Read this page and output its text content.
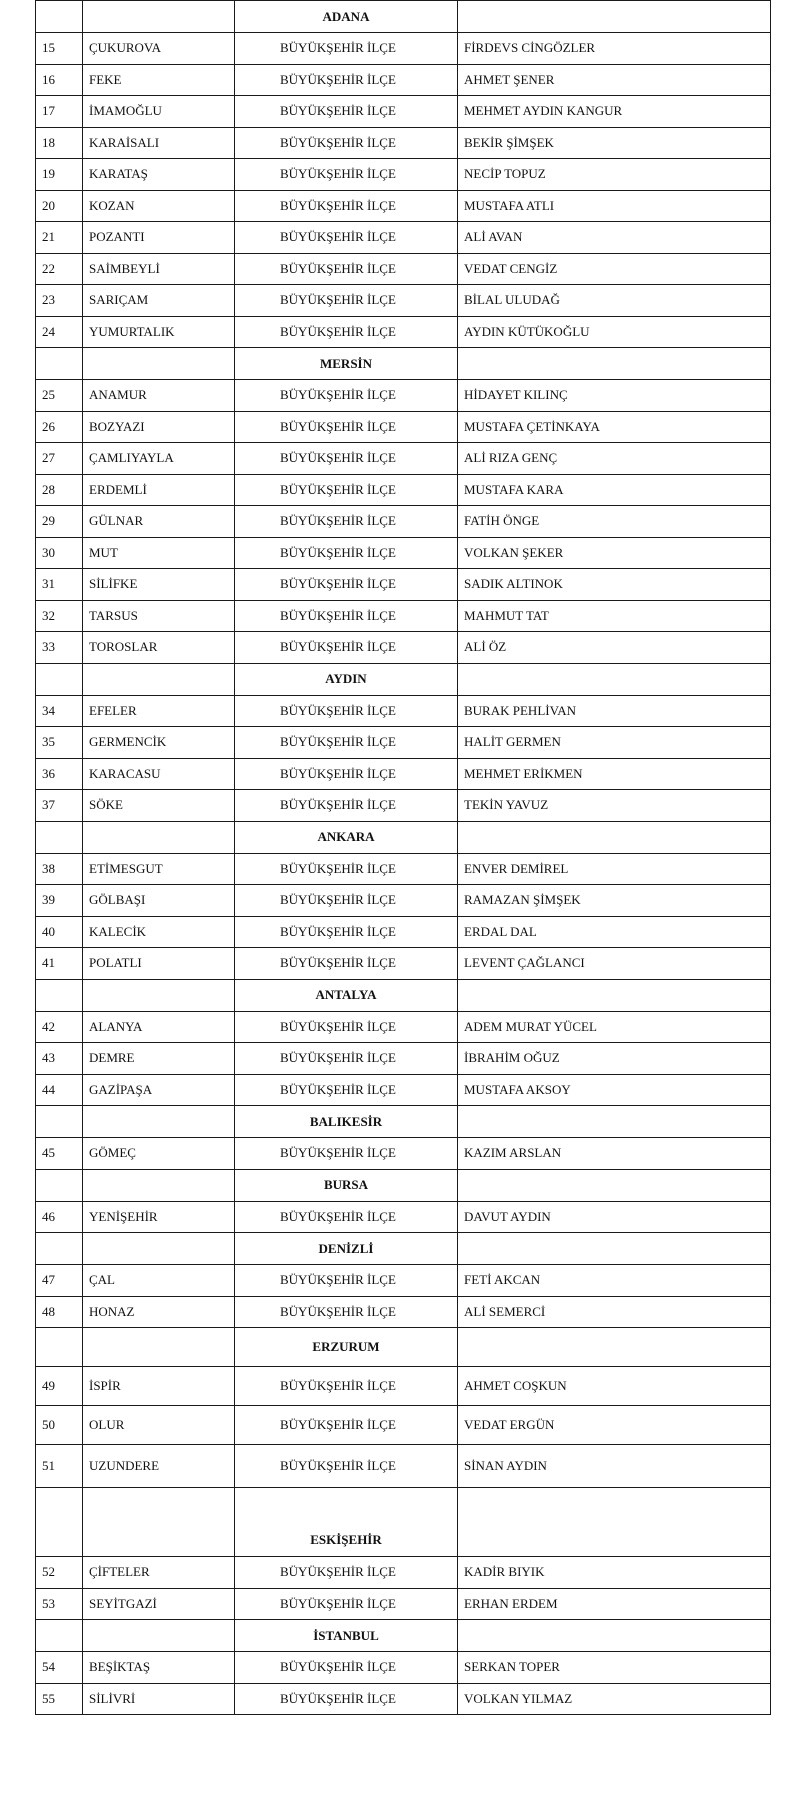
		ADANA	
15	ÇUKUROVA	BÜYÜKŞEHİR İLÇE	FİRDEVS CİNGÖZLER
16	FEKE	BÜYÜKŞEHİR İLÇE	AHMET ŞENER
17	İMAMOĞLU	BÜYÜKŞEHİR İLÇE	MEHMET AYDIN KANGUR
18	KARAİSALI	BÜYÜKŞEHİR İLÇE	BEKİR ŞİMŞEK
19	KARATAŞ	BÜYÜKŞEHİR İLÇE	NECİP TOPUZ
20	KOZAN	BÜYÜKŞEHİR İLÇE	MUSTAFA ATLI
21	POZANTI	BÜYÜKŞEHİR İLÇE	ALİ AVAN
22	SAİMBEYLİ	BÜYÜKŞEHİR İLÇE	VEDAT CENGİZ
23	SARIÇAM	BÜYÜKŞEHİR İLÇE	BİLAL ULUDAĞ
24	YUMURTALIK	BÜYÜKŞEHİR İLÇE	AYDIN KÜTÜKOĞLU
		MERSİN	
25	ANAMUR	BÜYÜKŞEHİR İLÇE	HİDAYET KILINÇ
26	BOZYAZI	BÜYÜKŞEHİR İLÇE	MUSTAFA ÇETİNKAYA
27	ÇAMLIYAYLA	BÜYÜKŞEHİR İLÇE	ALİ RIZA GENÇ
28	ERDEMLİ	BÜYÜKŞEHİR İLÇE	MUSTAFA KARA
29	GÜLNAR	BÜYÜKŞEHİR İLÇE	FATİH ÖNGE
30	MUT	BÜYÜKŞEHİR İLÇE	VOLKAN ŞEKER
31	SİLİFKE	BÜYÜKŞEHİR İLÇE	SADIK ALTINOK
32	TARSUS	BÜYÜKŞEHİR İLÇE	MAHMUT TAT
33	TOROSLAR	BÜYÜKŞEHİR İLÇE	ALİ ÖZ
		AYDIN	
34	EFELER	BÜYÜKŞEHİR İLÇE	BURAK PEHLİVAN
35	GERMENCİK	BÜYÜKŞEHİR İLÇE	HALİT GERMEN
36	KARACASU	BÜYÜKŞEHİR İLÇE	MEHMET ERİKMEN
37	SÖKE	BÜYÜKŞEHİR İLÇE	TEKİN YAVUZ
		ANKARA	
38	ETİMESGUT	BÜYÜKŞEHİR İLÇE	ENVER DEMİREL
39	GÖLBAŞI	BÜYÜKŞEHİR İLÇE	RAMAZAN ŞİMŞEK
40	KALECİK	BÜYÜKŞEHİR İLÇE	ERDAL DAL
41	POLATLI	BÜYÜKŞEHİR İLÇE	LEVENT ÇAĞLANCI
		ANTALYA	
42	ALANYA	BÜYÜKŞEHİR İLÇE	ADEM MURAT YÜCEL
43	DEMRE	BÜYÜKŞEHİR İLÇE	İBRAHİM OĞUZ
44	GAZİPAŞA	BÜYÜKŞEHİR İLÇE	MUSTAFA AKSOY
		BALIKESİR	
45	GÖMEÇ	BÜYÜKŞEHİR İLÇE	KAZIM ARSLAN
		BURSA	
46	YENİŞEHİR	BÜYÜKŞEHİR İLÇE	DAVUT AYDIN
		DENİZLİ	
47	ÇAL	BÜYÜKŞEHİR İLÇE	FETİ AKCAN
48	HONAZ	BÜYÜKŞEHİR İLÇE	ALİ SEMERCİ
		ERZURUM	
49	İSPİR	BÜYÜKŞEHİR İLÇE	AHMET COŞKUN
50	OLUR	BÜYÜKŞEHİR İLÇE	VEDAT ERGÜN
51	UZUNDERE	BÜYÜKŞEHİR İLÇE	SİNAN AYDIN
		ESKİŞEHİR	
52	ÇİFTELER	BÜYÜKŞEHİR İLÇE	KADİR BIYIK
53	SEYİTGAZİ	BÜYÜKŞEHİR İLÇE	ERHAN ERDEM
		İSTANBUL	
54	BEŞİKTAŞ	BÜYÜKŞEHİR İLÇE	SERKAN TOPER
55	SİLİVRİ	BÜYÜKŞEHİR İLÇE	VOLKAN YILMAZ
